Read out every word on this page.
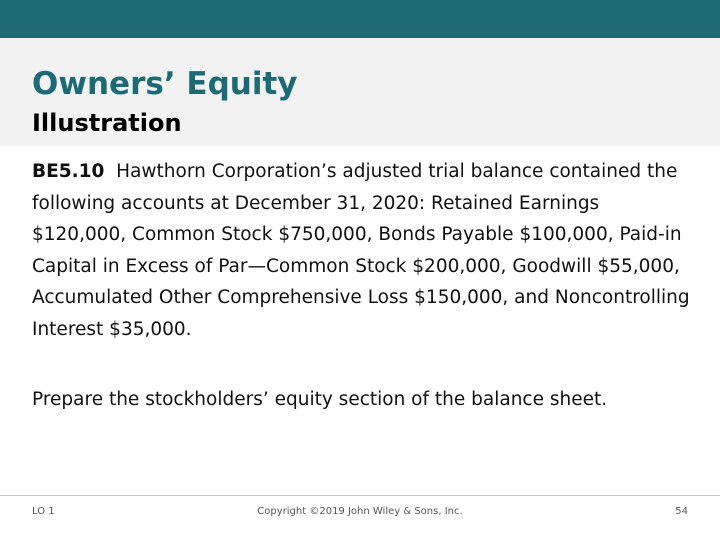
Owners’ Equity
Illustration

BE5.10 Hawthorn Corporation’s adjusted trial balance contained the following accounts at December 31, 2020: Retained Earnings $120,000, Common Stock $750,000, Bonds Payable $100,000, Paid-in Capital in Excess of Par—Common Stock $200,000, Goodwill $55,000, Accumulated Other Comprehensive Loss $150,000, and Noncontrolling Interest $35,000.

Prepare the stockholders’ equity section of the balance sheet.

LO 1	Copyright ©2019 John Wiley & Sons, Inc.	54
